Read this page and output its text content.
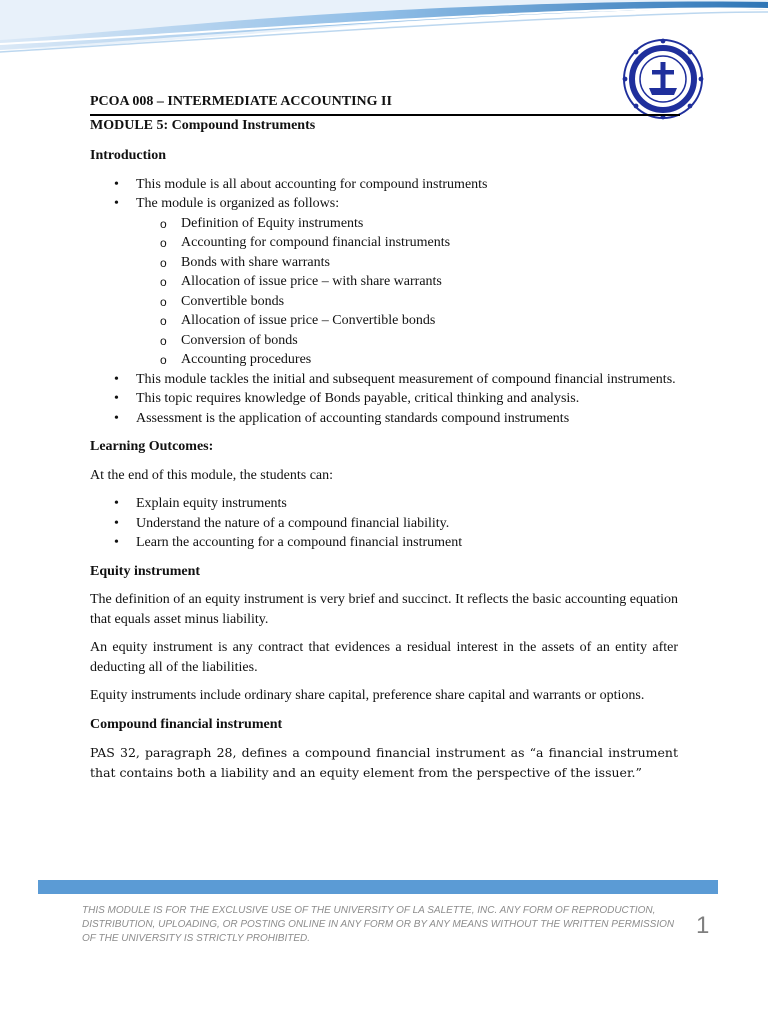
PCOA 008 – INTERMEDIATE ACCOUNTING II
MODULE 5: Compound Instruments
Introduction
• This module is all about accounting for compound instruments
• The module is organized as follows:
o Definition of Equity instruments
o Accounting for compound financial instruments
o Bonds with share warrants
o Allocation of issue price – with share warrants
o Convertible bonds
o Allocation of issue price – Convertible bonds
o Conversion of bonds
o Accounting procedures
• This module tackles the initial and subsequent measurement of compound financial instruments.
• This topic requires knowledge of Bonds payable, critical thinking and analysis.
• Assessment is the application of accounting standards compound instruments
Learning Outcomes:

At the end of this module, the students can:

• Explain equity instruments
• Understand the nature of a compound financial liability.
• Learn the accounting for a compound financial instrument
Equity instrument

The definition of an equity instrument is very brief and succinct. It reflects the basic accounting equation that equals asset minus liability.

An equity instrument is any contract that evidences a residual interest in the assets of an entity after deducting all of the liabilities.

Equity instruments include ordinary share capital, preference share capital and warrants or options.

Compound financial instrument

PAS 32, paragraph 28, defines a compound financial instrument as “a financial instrument that contains both a liability and an equity element from the perspective of the issuer.”

THIS MODULE IS FOR THE EXCLUSIVE USE OF THE UNIVERSITY OF LA SALETTE, INC. ANY FORM OF REPRODUCTION, DISTRIBUTION, UPLOADING, OR POSTING ONLINE IN ANY FORM OR BY ANY MEANS WITHOUT THE WRITTEN PERMISSION OF THE UNIVERSITY IS STRICTLY PROHIBITED.	1
